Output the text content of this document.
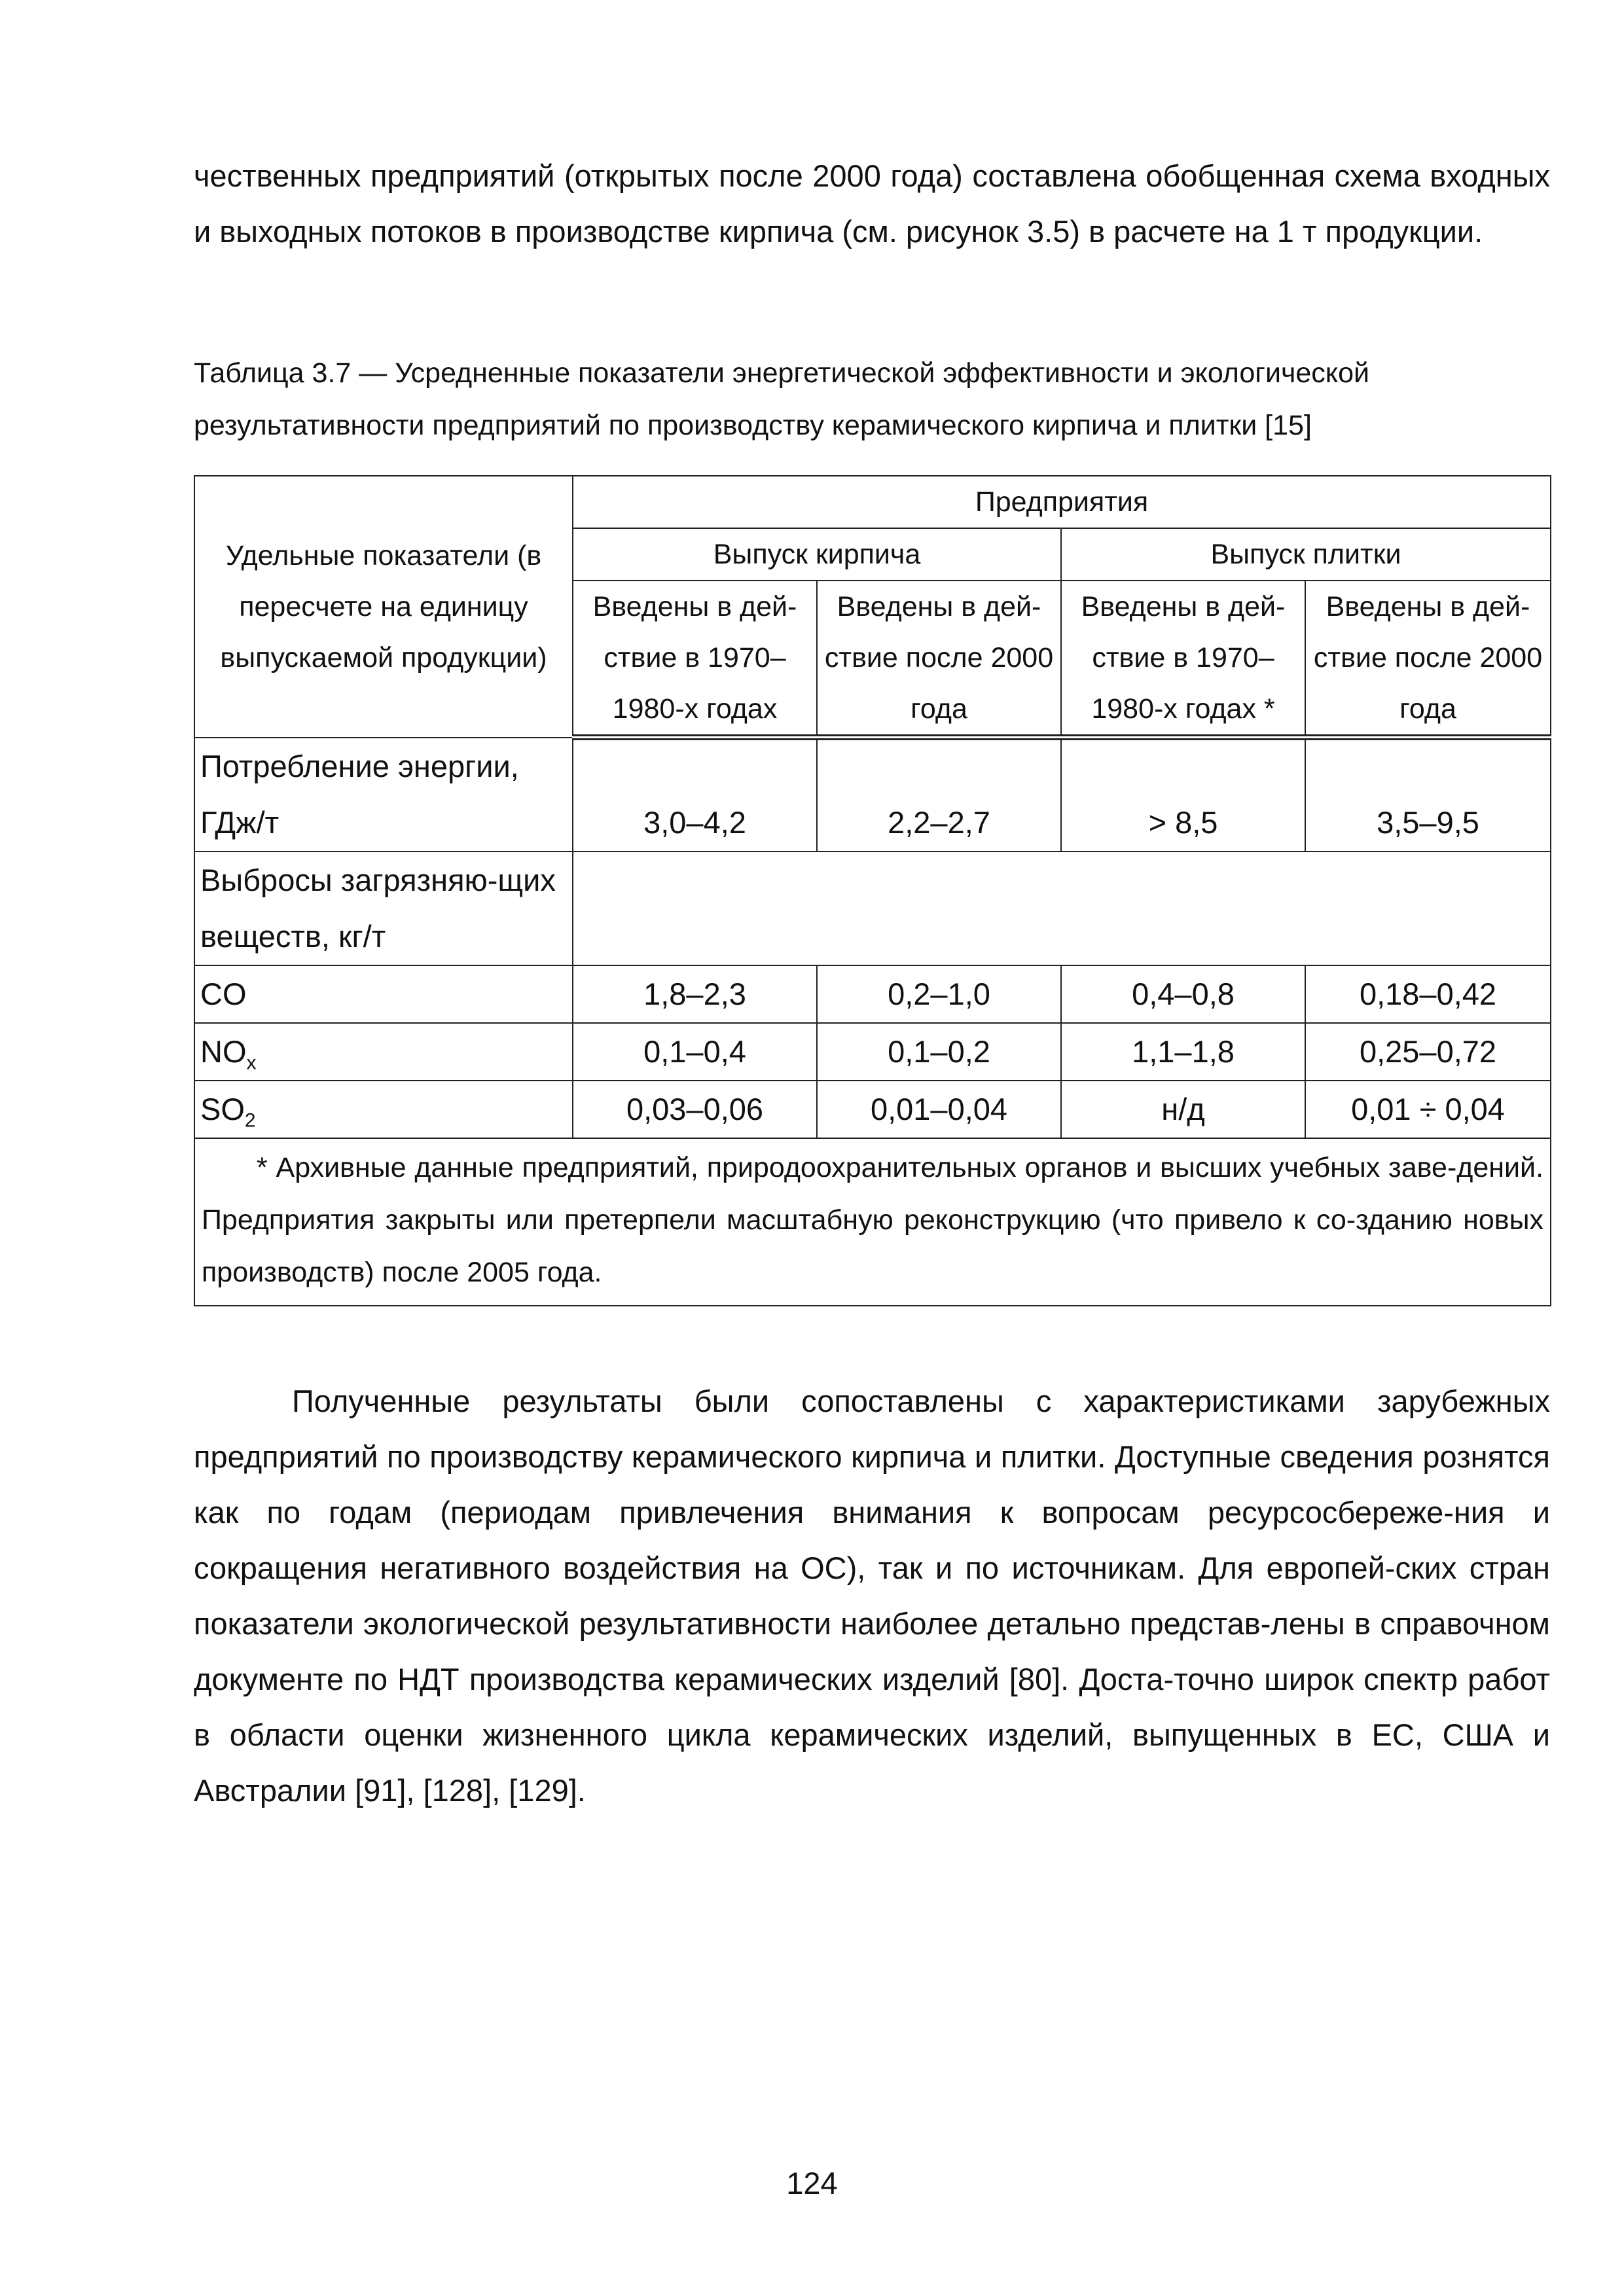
чественных предприятий (открытых после 2000 года) составлена обобщенная схема входных и выходных потоков в производстве кирпича (см. рисунок 3.5) в расчете на 1 т продукции.

Таблица 3.7 — Усредненные показатели энергетической эффективности и экологической результативности предприятий по производству керамического кирпича и плитки [15]

Удельные показатели (в пересчете на единицу выпускаемой продукции)	Предприятия			
	Выпуск кирпича		Выпуск плитки	
	Введены в дей-ствие в 1970–1980-х годах	Введены в дей-ствие после 2000 года	Введены в дей-ствие в 1970–1980-х годах *	Введены в дей-ствие после 2000 года
Потребление энергии, ГДж/т	3,0–4,2	2,2–2,7	> 8,5	3,5–9,5
Выбросы загрязняю-щих веществ, кг/т				
CO	1,8–2,3	0,2–1,0	0,4–0,8	0,18–0,42
$NO_x$	0,1–0,4	0,1–0,2	1,1–1,8	0,25–0,72
$SO_2$	0,03–0,06	0,01–0,04	н/д	0,01 ÷ 0,04
* Архивные данные предприятий, природоохранительных органов и высших учебных заве-дений. Предприятия закрыты или претерпели масштабную реконструкцию (что привело к со-зданию новых производств) после 2005 года.				

Полученные результаты были сопоставлены с характеристиками зарубежных предприятий по производству керамического кирпича и плитки. Доступные сведения рознятся как по годам (периодам привлечения внимания к вопросам ресурсосбереже-ния и сокращения негативного воздействия на ОС), так и по источникам. Для европей-ских стран показатели экологической результативности наиболее детально представ-лены в справочном документе по НДТ производства керамических изделий [80]. Доста-точно широк спектр работ в области оценки жизненного цикла керамических изделий, выпущенных в ЕС, США и Австралии [91], [128], [129].

124
